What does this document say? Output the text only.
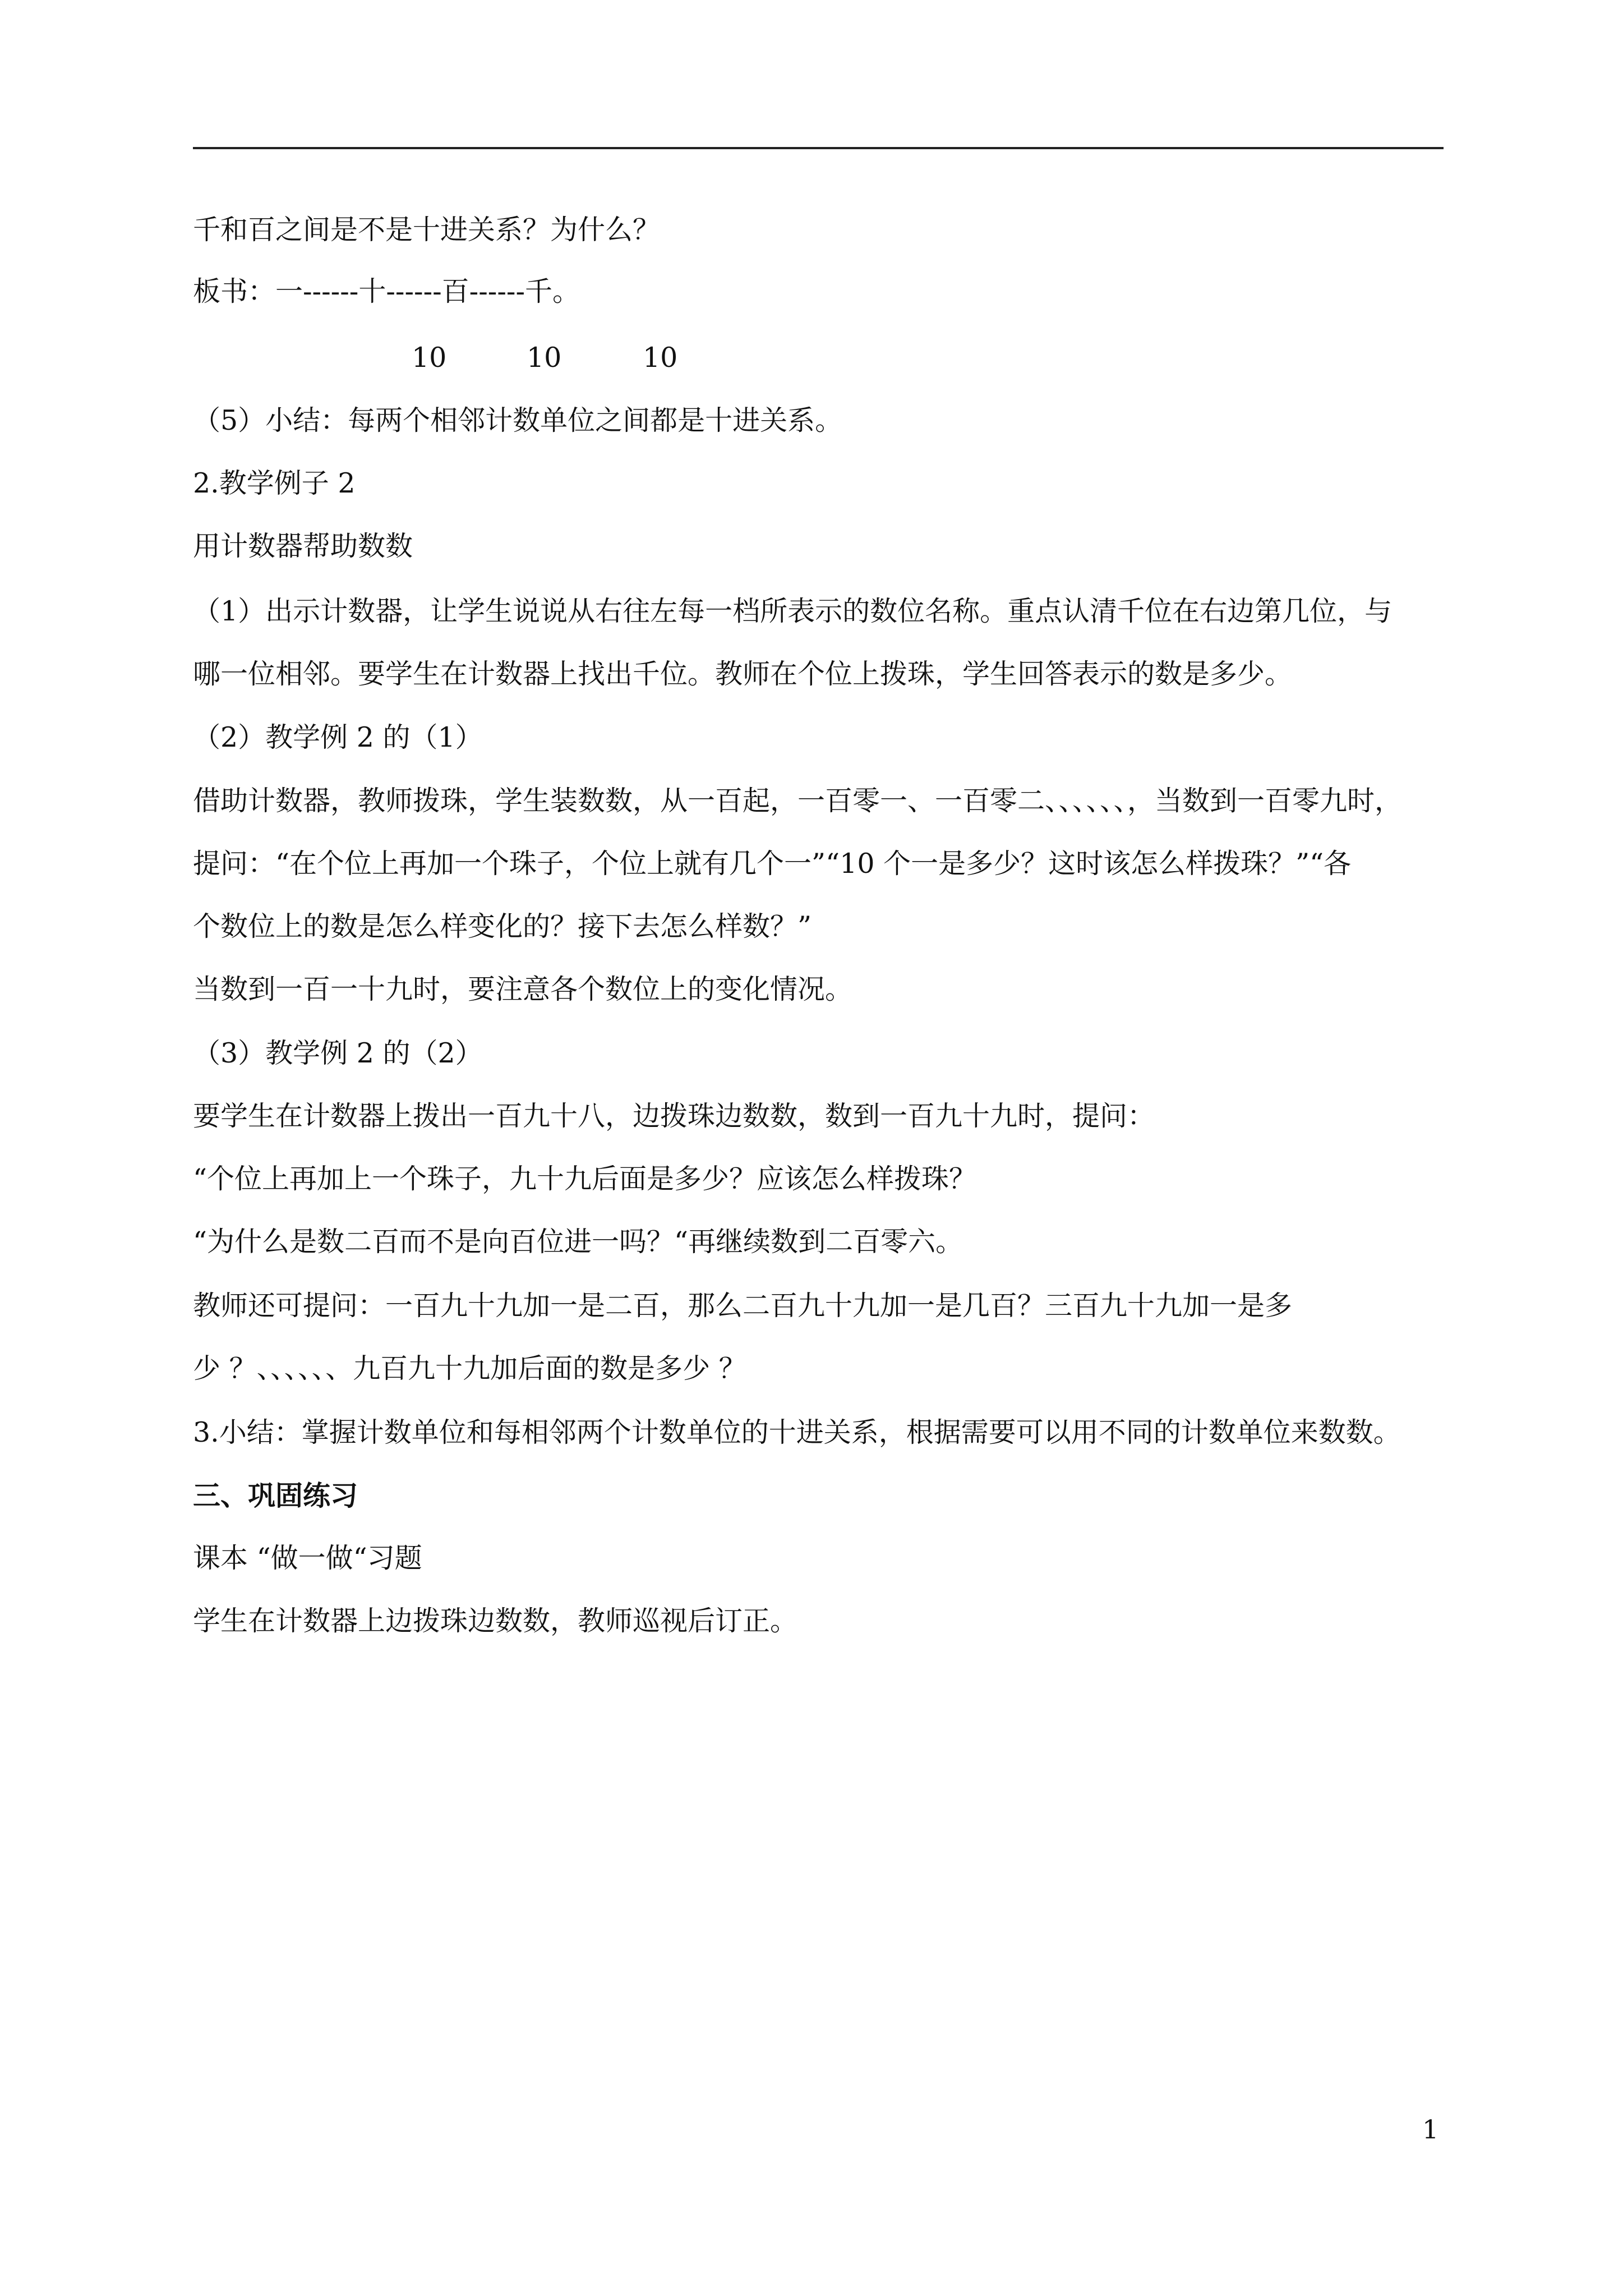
千和百之间是不是十进关系？为什么？
板书：一------十------百------千。
10	10	10
（5）小结：每两个相邻计数单位之间都是十进关系。
2.教学例子 2
用计数器帮助数数
（1）出示计数器，让学生说说从右往左每一档所表示的数位名称。重点认清千位在右边第几位，与
哪一位相邻。要学生在计数器上找出千位。教师在个位上拨珠，学生回答表示的数是多少。
（2）教学例 2 的（1）
借助计数器，教师拨珠，学生装数数，从一百起，一百零一、一百零二、、、、、、，当数到一百零九时，
提问：“在个位上再加一个珠子，个位上就有几个一”“10 个一是多少？这时该怎么样拨珠？”“各
个数位上的数是怎么样变化的？接下去怎么样数？”
当数到一百一十九时，要注意各个数位上的变化情况。
（3）教学例 2 的（2）
要学生在计数器上拨出一百九十八，边拨珠边数数，数到一百九十九时，提问：
“个位上再加上一个珠子，九十九后面是多少？应该怎么样拨珠？
“为什么是数二百而不是向百位进一吗？“再继续数到二百零六。
教师还可提问：一百九十九加一是二百，那么二百九十九加一是几百？三百九十九加一是多
少 ？、、、、、、九百九十九加后面的数是多少 ？
3.小结：掌握计数单位和每相邻两个计数单位的十进关系，根据需要可以用不同的计数单位来数数。
三、巩固练习
课本 “做一做“习题
学生在计数器上边拨珠边数数，教师巡视后订正。
1
